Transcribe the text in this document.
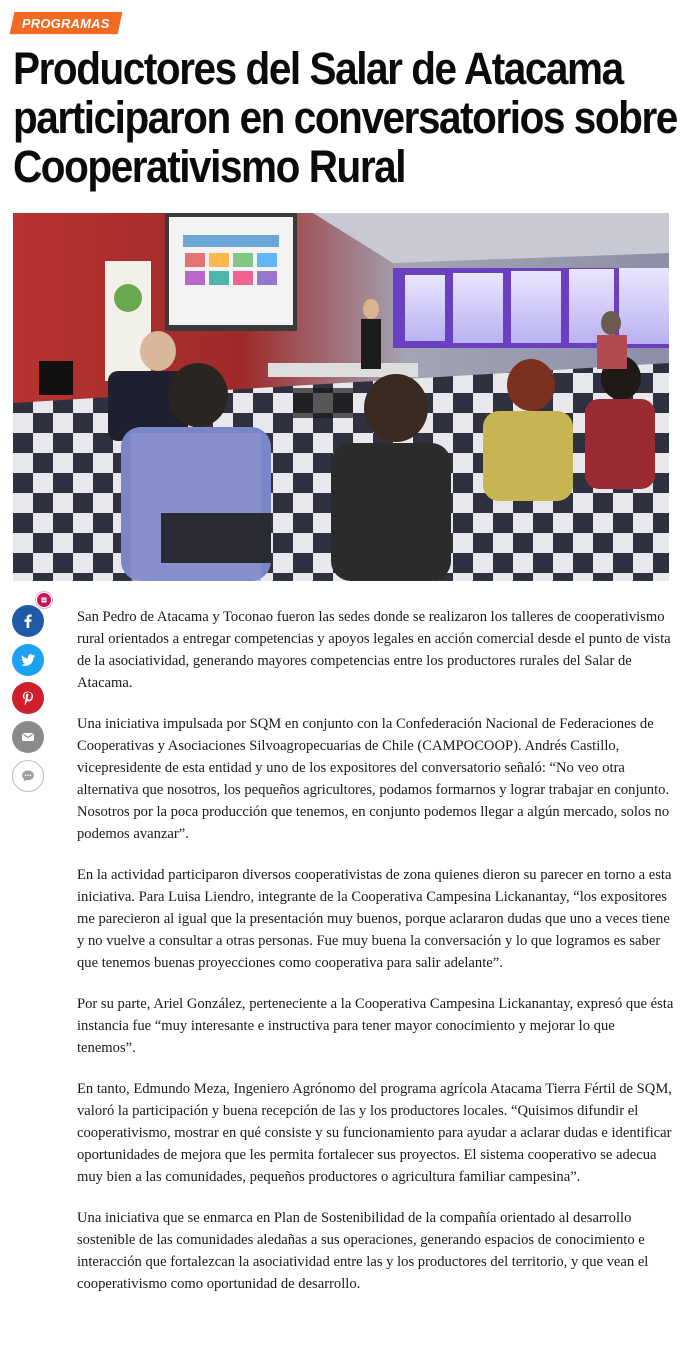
PROGRAMAS
Productores del Salar de Atacama participaron en conversatorios sobre Cooperativismo Rural

San Pedro de Atacama y Toconao fueron las sedes donde se realizaron los talleres de cooperativismo rural orientados a entregar competencias y apoyos legales en acción comercial desde el punto de vista de la asociatividad, generando mayores competencias entre los productores rurales del Salar de Atacama.

Una iniciativa impulsada por SQM en conjunto con la Confederación Nacional de Federaciones de Cooperativas y Asociaciones Silvoagropecuarias de Chile (CAMPOCOOP). Andrés Castillo, vicepresidente de esta entidad y uno de los expositores del conversatorio señaló: “No veo otra alternativa que nosotros, los pequeños agricultores, podamos formarnos y lograr trabajar en conjunto. Nosotros por la poca producción que tenemos, en conjunto podemos llegar a algún mercado, solos no podemos avanzar”.

En la actividad participaron diversos cooperativistas de zona quienes dieron su parecer en torno a esta iniciativa. Para Luisa Liendro, integrante de la Cooperativa Campesina Lickanantay, “los expositores me parecieron al igual que la presentación muy buenos, porque aclararon dudas que uno a veces tiene y no vuelve a consultar a otras personas. Fue muy buena la conversación y lo que logramos es saber que tenemos buenas proyecciones como cooperativa para salir adelante”.

Por su parte, Ariel González, perteneciente a la Cooperativa Campesina Lickanantay, expresó que ésta instancia fue “muy interesante e instructiva para tener mayor conocimiento y mejorar lo que tenemos”.

En tanto, Edmundo Meza, Ingeniero Agrónomo del programa agrícola Atacama Tierra Fértil de SQM, valoró la participación y buena recepción de las y los productores locales. “Quisimos difundir el cooperativismo, mostrar en qué consiste y su funcionamiento para ayudar a aclarar dudas e identificar oportunidades de mejora que les permita fortalecer sus proyectos. El sistema cooperativo se adecua muy bien a las comunidades, pequeños productores o agricultura familiar campesina”.

Una iniciativa que se enmarca en Plan de Sostenibilidad de la compañía orientado al desarrollo sostenible de las comunidades aledañas a sus operaciones, generando espacios de conocimiento e interacción que fortalezcan la asociatividad entre las y los productores del territorio, y que vean el cooperativismo como oportunidad de desarrollo.
